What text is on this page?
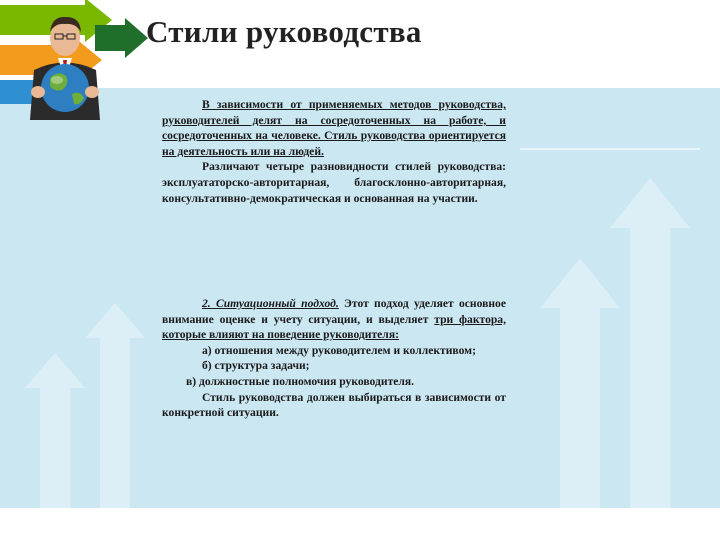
Стили руководства

В зависимости от применяемых методов руководства, руководителей делят на сосредоточенных на работе, и сосредоточенных на человеке. Стиль руководства ориентируется на деятельность или на людей.

Различают четыре разновидности стилей руководства: эксплуататорско-авторитарная, благосклонно-авторитарная, консультативно-демократическая и основанная на участии.

2. Ситуационный подход. Этот подход уделяет основное внимание оценке и учету ситуации, и выделяет три фактора, которые влияют на поведение руководителя:

а) отношения между руководителем и коллективом;

б) структура задачи;

в) должностные полномочия руководителя.

Стиль руководства должен выбираться в зависимости от конкретной ситуации.
